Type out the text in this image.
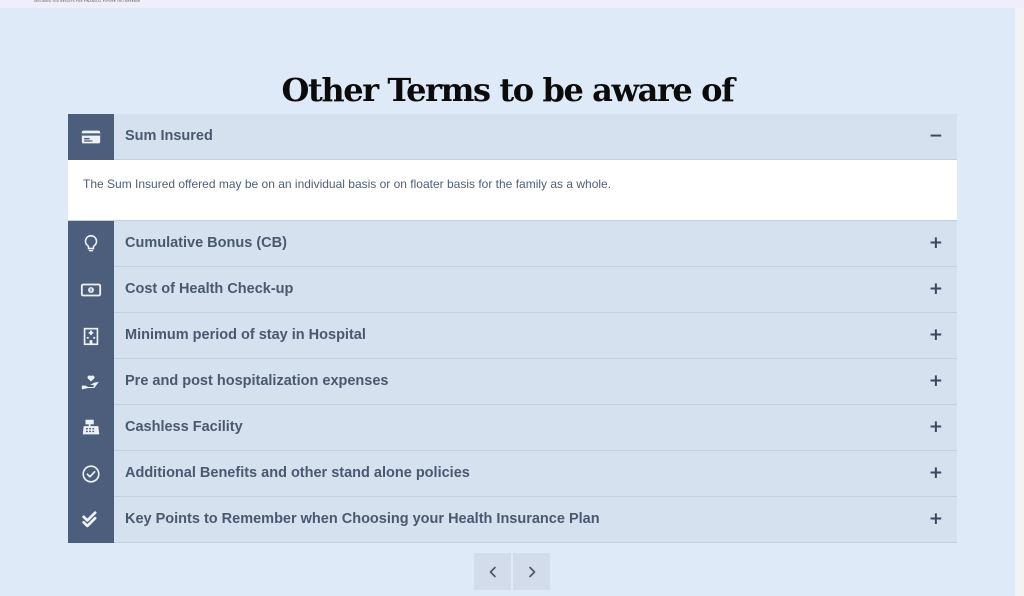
SECURING YOU RESULTS FOR FINANCIAL FUTURE YOU DESERVE
Other Terms to be aware of
Sum Insured	−

The Sum Insured offered may be on an individual basis or on floater basis for the family as a whole.

Cumulative Bonus (CB)	+
Cost of Health Check-up	+
Minimum period of stay in Hospital	+
Pre and post hospitalization expenses	+
Cashless Facility	+
Additional Benefits and other stand alone policies	+
Key Points to Remember when Choosing your Health Insurance Plan	+
